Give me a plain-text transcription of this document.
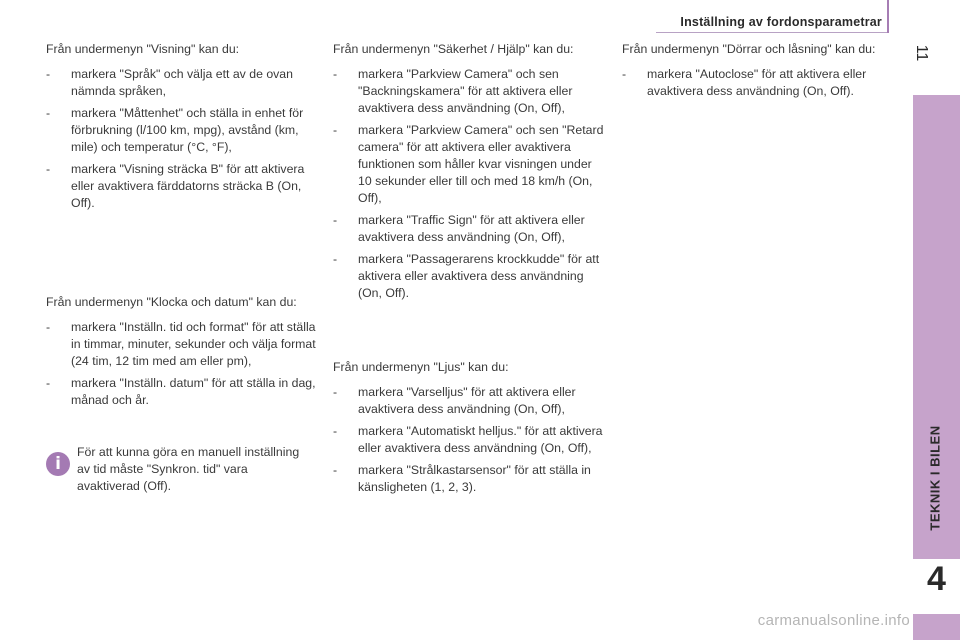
Inställning av fordonsparametrar
11
TEKNIK I BILEN
4

Från undermenyn "Visning" kan du:

- markera "Språk" och välja ett av de ovan nämnda språken,
- markera "Måttenhet" och ställa in enhet för förbrukning (l/100 km, mpg), avstånd (km, mile) och temperatur (°C, °F),
- markera "Visning sträcka B" för att aktivera eller avaktivera färddatorns sträcka B (On, Off).

Från undermenyn "Klocka och datum" kan du:

- markera "Inställn. tid och format" för att ställa in timmar, minuter, sekunder och välja format (24 tim, 12 tim med am eller pm),
- markera "Inställn. datum" för att ställa in dag, månad och år.
i
För att kunna göra en manuell inställning av tid måste "Synkron. tid" vara avaktiverad (Off).

Från undermenyn "Säkerhet / Hjälp" kan du:

- markera "Parkview Camera" och sen "Backningskamera" för att aktivera eller avaktivera dess användning (On, Off),
- markera "Parkview Camera" och sen "Retard camera" för att aktivera eller avaktivera funktionen som håller kvar visningen under 10 sekunder eller till och med 18 km/h (On, Off),
- markera "Traffic Sign" för att aktivera eller avaktivera dess användning (On, Off),
- markera "Passagerarens krockkudde" för att aktivera eller avaktivera dess användning (On, Off).

Från undermenyn "Ljus" kan du:

- markera "Varselljus" för att aktivera eller avaktivera dess användning (On, Off),
- markera "Automatiskt helljus." för att aktivera eller avaktivera dess användning (On, Off),
- markera "Strålkastarsensor" för att ställa in känsligheten (1, 2, 3).

Från undermenyn "Dörrar och låsning" kan du:

- markera "Autoclose" för att aktivera eller avaktivera dess användning (On, Off).
carmanualsonline.info
